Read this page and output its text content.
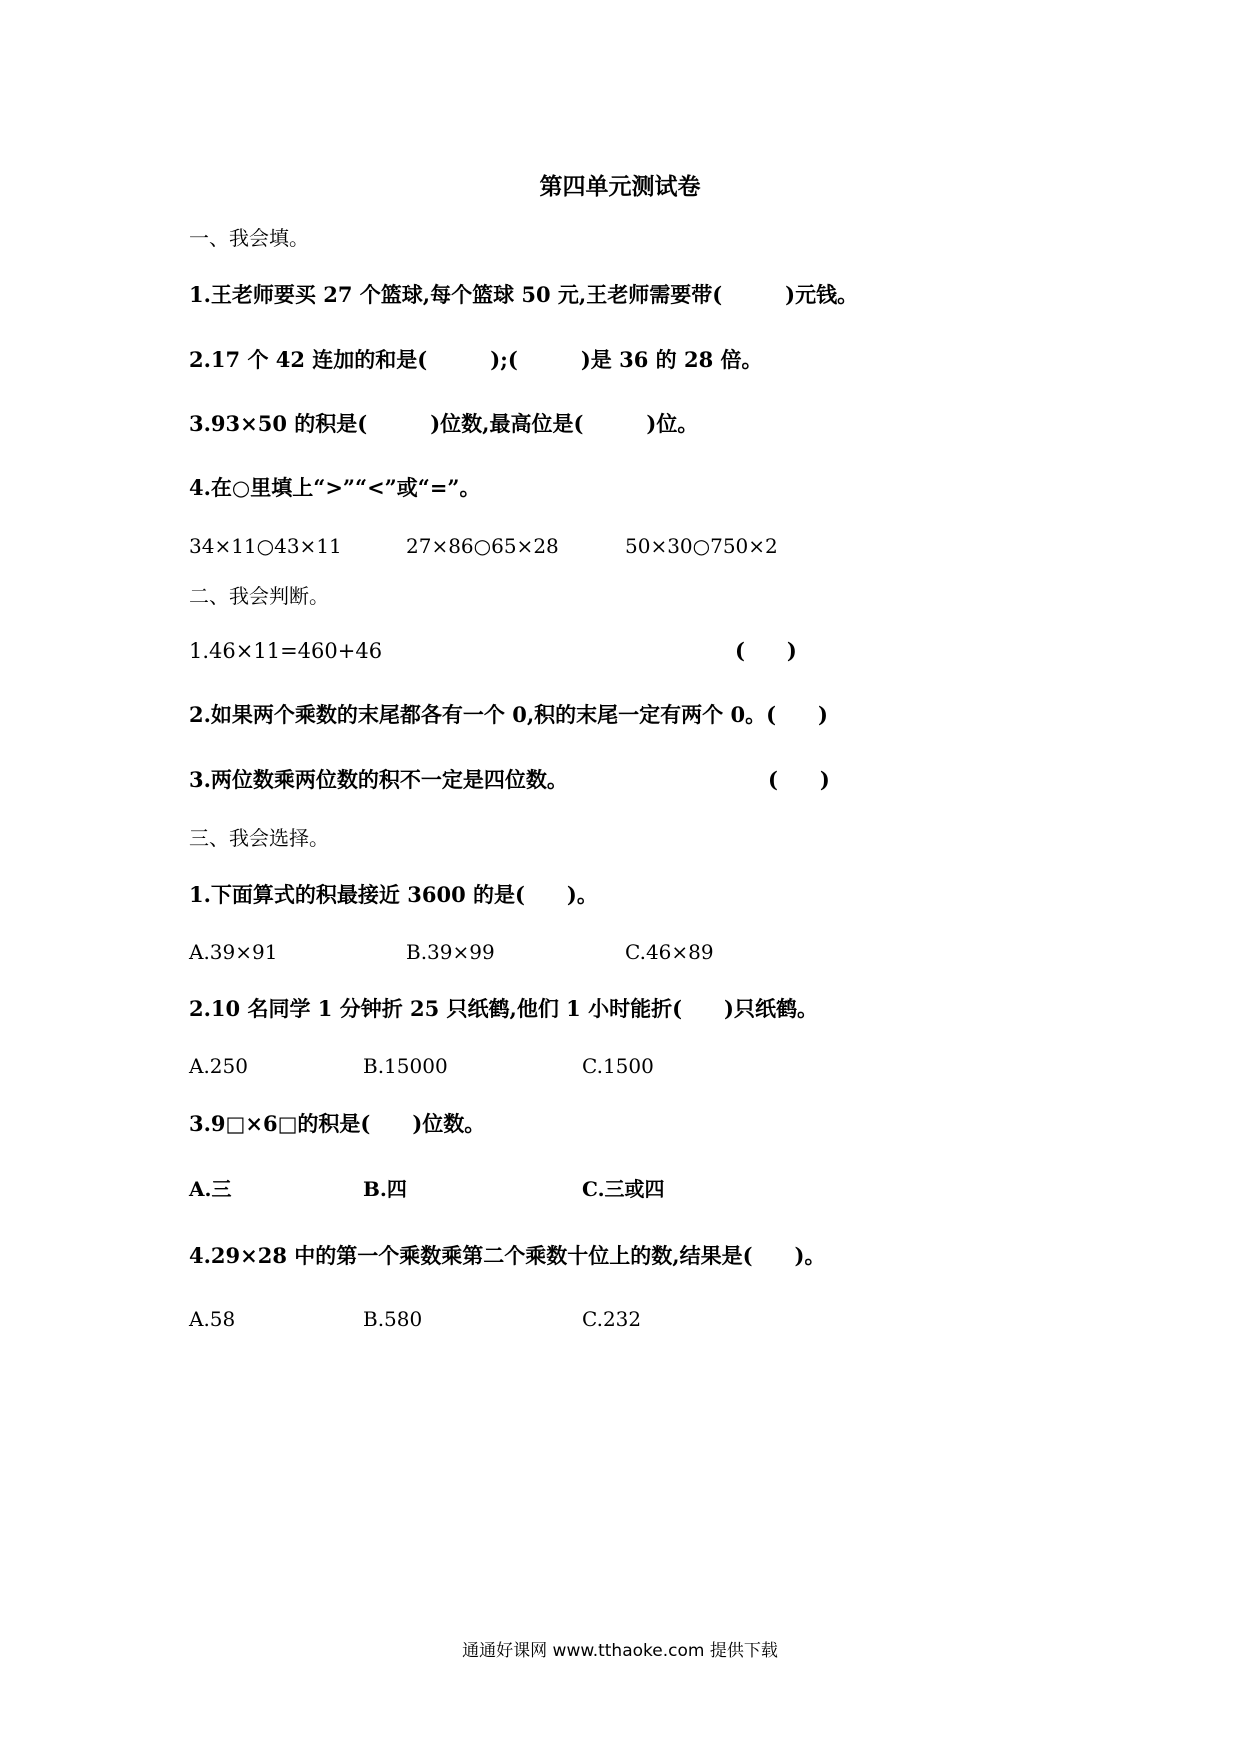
第四单元测试卷
一、我会填。
1.王老师要买 27 个篮球,每个篮球 50 元,王老师需要带(　　　)元钱。
2.17 个 42 连加的和是(　　　);(　　　)是 36 的 28 倍。
3.93×50 的积是(　　　)位数,最高位是(　　　)位。
4.在○里填上“>”“<”或“=”。
34×11○43×11	27×86○65×28	50×30○750×2
二、我会判断。
1.46×11=460+46	(　　)
2.如果两个乘数的末尾都各有一个 0,积的末尾一定有两个 0。(　　)
3.两位数乘两位数的积不一定是四位数。	(　　)
三、我会选择。
1.下面算式的积最接近 3600 的是(　　)。
A.39×91	B.39×99	C.46×89
2.10 名同学 1 分钟折 25 只纸鹤,他们 1 小时能折(　　)只纸鹤。
A.250	B.15000	C.1500
3.9□×6□的积是(　　)位数。
A.三	B.四	C.三或四
4.29×28 中的第一个乘数乘第二个乘数十位上的数,结果是(　　)。
A.58	B.580	C.232
通通好课网 www.tthaoke.com 提供下载
